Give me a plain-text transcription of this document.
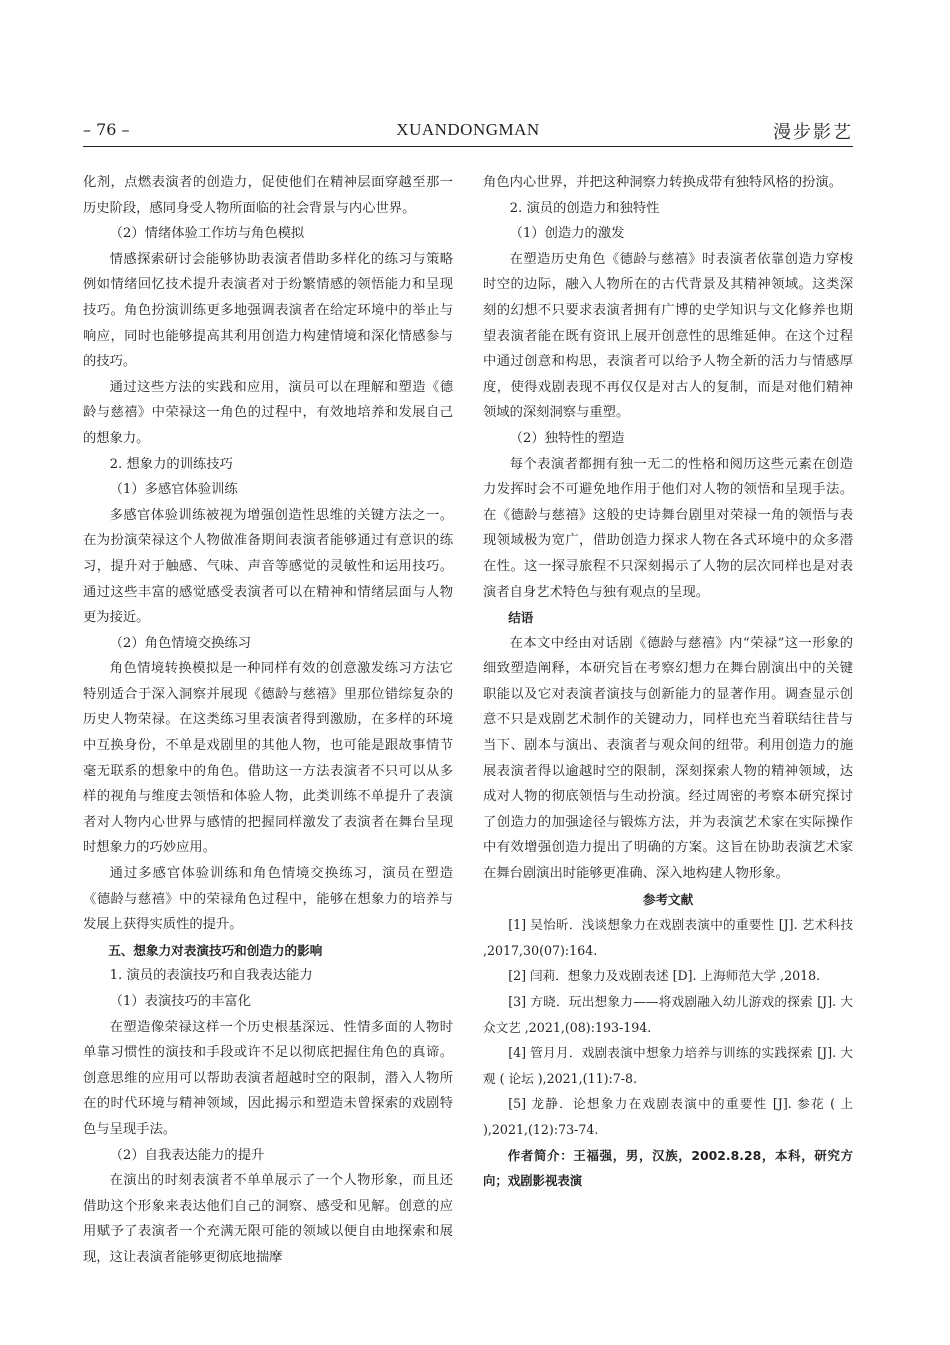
– 76 –	XUANDONGMAN	漫步影艺

化剂，点燃表演者的创造力，促使他们在精神层面穿越至那一历史阶段，感同身受人物所面临的社会背景与内心世界。

（2）情绪体验工作坊与角色模拟

情感探索研讨会能够协助表演者借助多样化的练习与策略例如情绪回忆技术提升表演者对于纷繁情感的领悟能力和呈现技巧。角色扮演训练更多地强调表演者在给定环境中的举止与响应，同时也能够提高其利用创造力构建情境和深化情感参与的技巧。

通过这些方法的实践和应用，演员可以在理解和塑造《德龄与慈禧》中荣禄这一角色的过程中，有效地培养和发展自己的想象力。

2. 想象力的训练技巧

（1）多感官体验训练

多感官体验训练被视为增强创造性思维的关键方法之一。在为扮演荣禄这个人物做准备期间表演者能够通过有意识的练习，提升对于触感、气味、声音等感觉的灵敏性和运用技巧。通过这些丰富的感觉感受表演者可以在精神和情绪层面与人物更为接近。

（2）角色情境交换练习

角色情境转换模拟是一种同样有效的创意激发练习方法它特别适合于深入洞察并展现《德龄与慈禧》里那位错综复杂的历史人物荣禄。在这类练习里表演者得到激励，在多样的环境中互换身份，不单是戏剧里的其他人物，也可能是跟故事情节毫无联系的想象中的角色。借助这一方法表演者不只可以从多样的视角与维度去领悟和体验人物，此类训练不单提升了表演者对人物内心世界与感情的把握同样激发了表演者在舞台呈现时想象力的巧妙应用。

通过多感官体验训练和角色情境交换练习，演员在塑造《德龄与慈禧》中的荣禄角色过程中，能够在想象力的培养与发展上获得实质性的提升。

五、想象力对表演技巧和创造力的影响

1. 演员的表演技巧和自我表达能力

（1）表演技巧的丰富化

在塑造像荣禄这样一个历史根基深远、性情多面的人物时单靠习惯性的演技和手段或许不足以彻底把握住角色的真谛。创意思维的应用可以帮助表演者超越时空的限制，潜入人物所在的时代环境与精神领域，因此揭示和塑造未曾探索的戏剧特色与呈现手法。

（2）自我表达能力的提升

在演出的时刻表演者不单单展示了一个人物形象，而且还借助这个形象来表达他们自己的洞察、感受和见解。创意的应用赋予了表演者一个充满无限可能的领域以便自由地探索和展现，这让表演者能够更彻底地揣摩

角色内心世界，并把这种洞察力转换成带有独特风格的扮演。

2. 演员的创造力和独特性

（1）创造力的激发

在塑造历史角色《德龄与慈禧》时表演者依靠创造力穿梭时空的边际，融入人物所在的古代背景及其精神领域。这类深刻的幻想不只要求表演者拥有广博的史学知识与文化修养也期望表演者能在既有资讯上展开创意性的思维延伸。在这个过程中通过创意和构思，表演者可以给予人物全新的活力与情感厚度，使得戏剧表现不再仅仅是对古人的复制，而是对他们精神领域的深刻洞察与重塑。

（2）独特性的塑造

每个表演者都拥有独一无二的性格和阅历这些元素在创造力发挥时会不可避免地作用于他们对人物的领悟和呈现手法。在《德龄与慈禧》这般的史诗舞台剧里对荣禄一角的领悟与表现领域极为宽广，借助创造力探求人物在各式环境中的众多潜在性。这一探寻旅程不只深刻揭示了人物的层次同样也是对表演者自身艺术特色与独有观点的呈现。

结语

在本文中经由对话剧《德龄与慈禧》内“荣禄”这一形象的细致塑造阐释，本研究旨在考察幻想力在舞台剧演出中的关键职能以及它对表演者演技与创新能力的显著作用。调查显示创意不只是戏剧艺术制作的关键动力，同样也充当着联结往昔与当下、剧本与演出、表演者与观众间的纽带。利用创造力的施展表演者得以逾越时空的限制，深刻探索人物的精神领域，达成对人物的彻底领悟与生动扮演。经过周密的考察本研究探讨了创造力的加强途径与锻炼方法，并为表演艺术家在实际操作中有效增强创造力提出了明确的方案。这旨在协助表演艺术家在舞台剧演出时能够更准确、深入地构建人物形象。

参考文献

[1] 吴怡昕．浅谈想象力在戏剧表演中的重要性 [J]. 艺术科技 ,2017,30(07):164.

[2] 闫莉．想象力及戏剧表述 [D]. 上海师范大学 ,2018.

[3] 方晓．玩出想象力——将戏剧融入幼儿游戏的探索 [J]. 大众文艺 ,2021,(08):193-194.

[4] 管月月．戏剧表演中想象力培养与训练的实践探索 [J]. 大观 ( 论坛 ),2021,(11):7-8.

[5] 龙静．论想象力在戏剧表演中的重要性 [J]. 参花 ( 上 ),2021,(12):73-74.

作者简介：王福强，男，汉族，2002.8.28，本科，研究方向；戏剧影视表演
